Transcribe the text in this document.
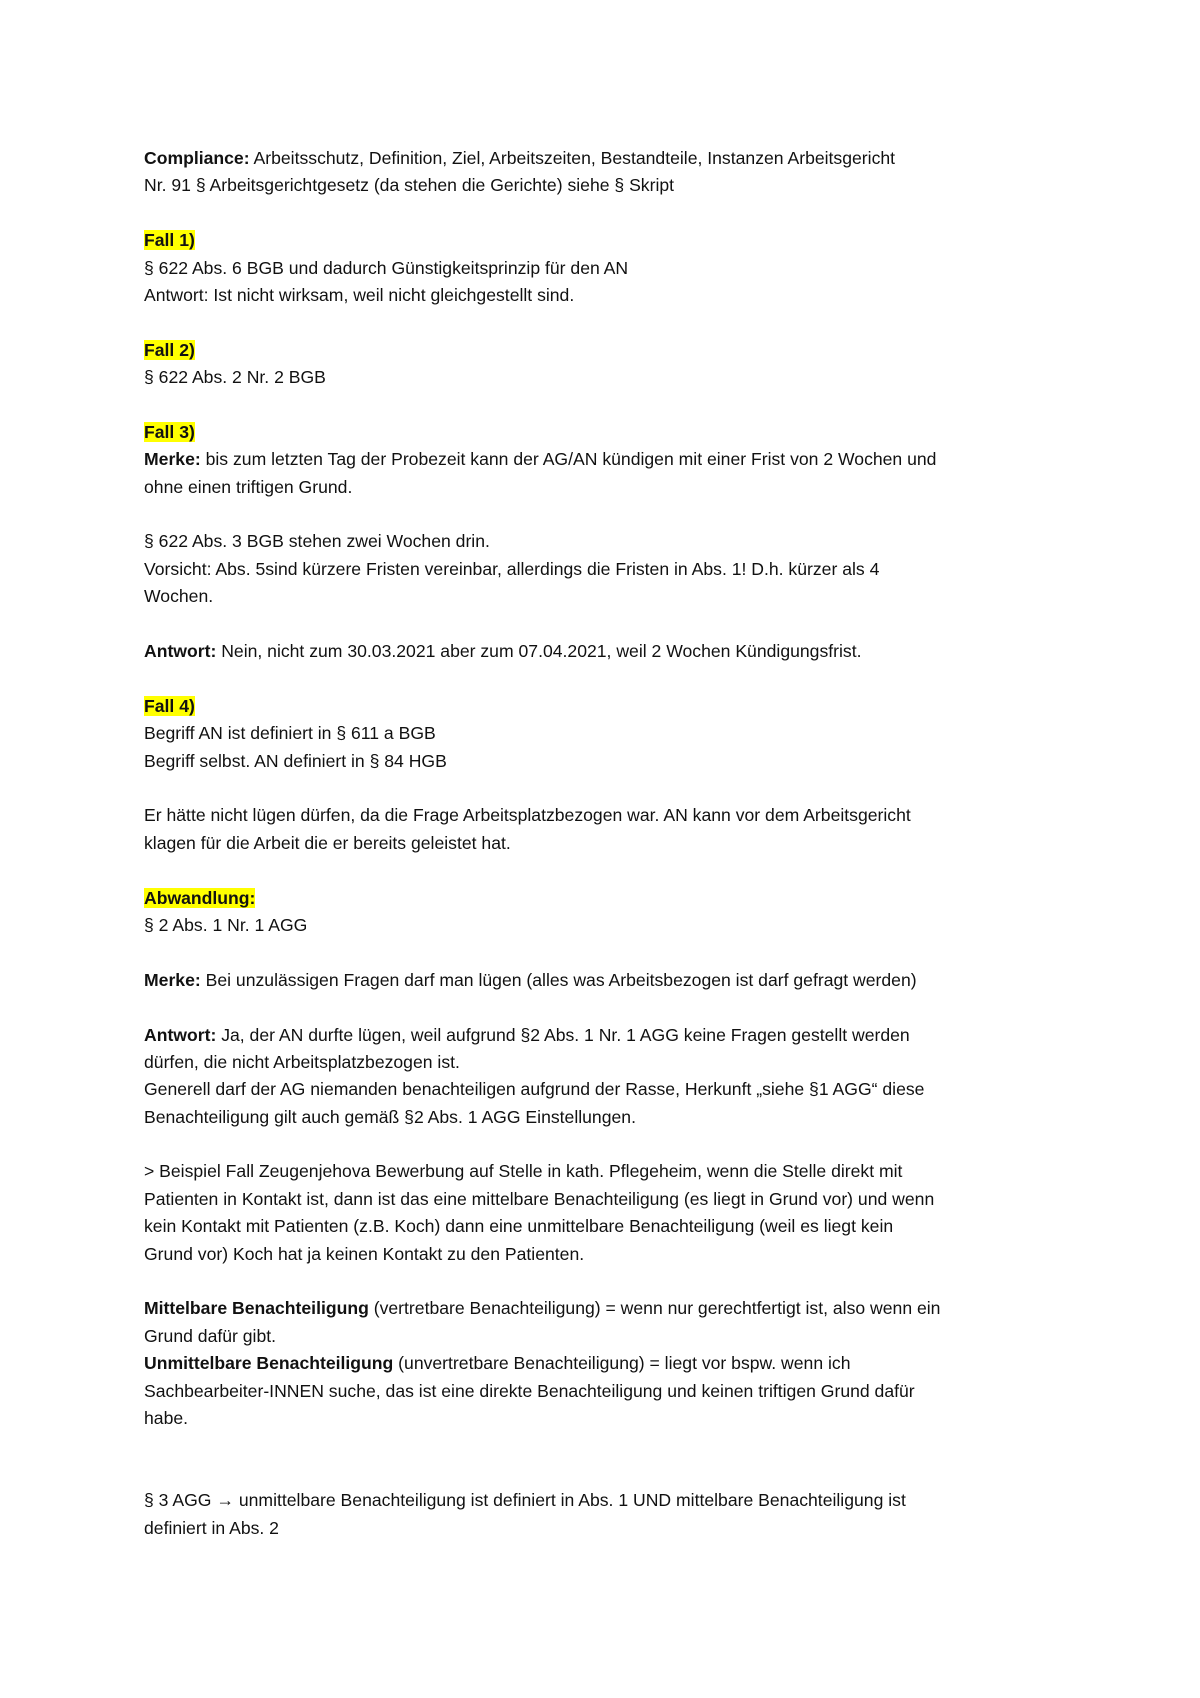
Compliance: Arbeitsschutz, Definition, Ziel, Arbeitszeiten, Bestandteile, Instanzen Arbeitsgericht
Nr. 91 § Arbeitsgerichtgesetz (da stehen die Gerichte) siehe § Skript
Fall 1)
§ 622 Abs. 6 BGB und dadurch Günstigkeitsprinzip für den AN
Antwort: Ist nicht wirksam, weil nicht gleichgestellt sind.
Fall 2)
§ 622 Abs. 2 Nr. 2 BGB
Fall 3)
Merke: bis zum letzten Tag der Probezeit kann der AG/AN kündigen mit einer Frist von 2 Wochen und
ohne einen triftigen Grund.
§ 622 Abs. 3 BGB stehen zwei Wochen drin.
Vorsicht: Abs. 5sind kürzere Fristen vereinbar, allerdings die Fristen in Abs. 1! D.h. kürzer als 4
Wochen.
Antwort: Nein, nicht zum 30.03.2021 aber zum 07.04.2021, weil 2 Wochen Kündigungsfrist.
Fall 4)
Begriff AN ist definiert in § 611 a BGB
Begriff selbst. AN definiert in § 84 HGB
Er hätte nicht lügen dürfen, da die Frage Arbeitsplatzbezogen war. AN kann vor dem Arbeitsgericht
klagen für die Arbeit die er bereits geleistet hat.
Abwandlung:
§ 2 Abs. 1 Nr. 1 AGG
Merke: Bei unzulässigen Fragen darf man lügen (alles was Arbeitsbezogen ist darf gefragt werden)
Antwort: Ja, der AN durfte lügen, weil aufgrund §2 Abs. 1 Nr. 1 AGG keine Fragen gestellt werden
dürfen, die nicht Arbeitsplatzbezogen ist.
Generell darf der AG niemanden benachteiligen aufgrund der Rasse, Herkunft „siehe §1 AGG“ diese
Benachteiligung gilt auch gemäß §2 Abs. 1 AGG Einstellungen.
> Beispiel Fall Zeugenjehova Bewerbung auf Stelle in kath. Pflegeheim, wenn die Stelle direkt mit
Patienten in Kontakt ist, dann ist das eine mittelbare Benachteiligung (es liegt in Grund vor) und wenn
kein Kontakt mit Patienten (z.B. Koch) dann eine unmittelbare Benachteiligung (weil es liegt kein
Grund vor) Koch hat ja keinen Kontakt zu den Patienten.
Mittelbare Benachteiligung (vertretbare Benachteiligung) = wenn nur gerechtfertigt ist, also wenn ein
Grund dafür gibt.
Unmittelbare Benachteiligung (unvertretbare Benachteiligung) = liegt vor bspw. wenn ich
Sachbearbeiter-INNEN suche, das ist eine direkte Benachteiligung und keinen triftigen Grund dafür
habe.
§ 3 AGG → unmittelbare Benachteiligung ist definiert in Abs. 1 UND mittelbare Benachteiligung ist
definiert in Abs. 2
